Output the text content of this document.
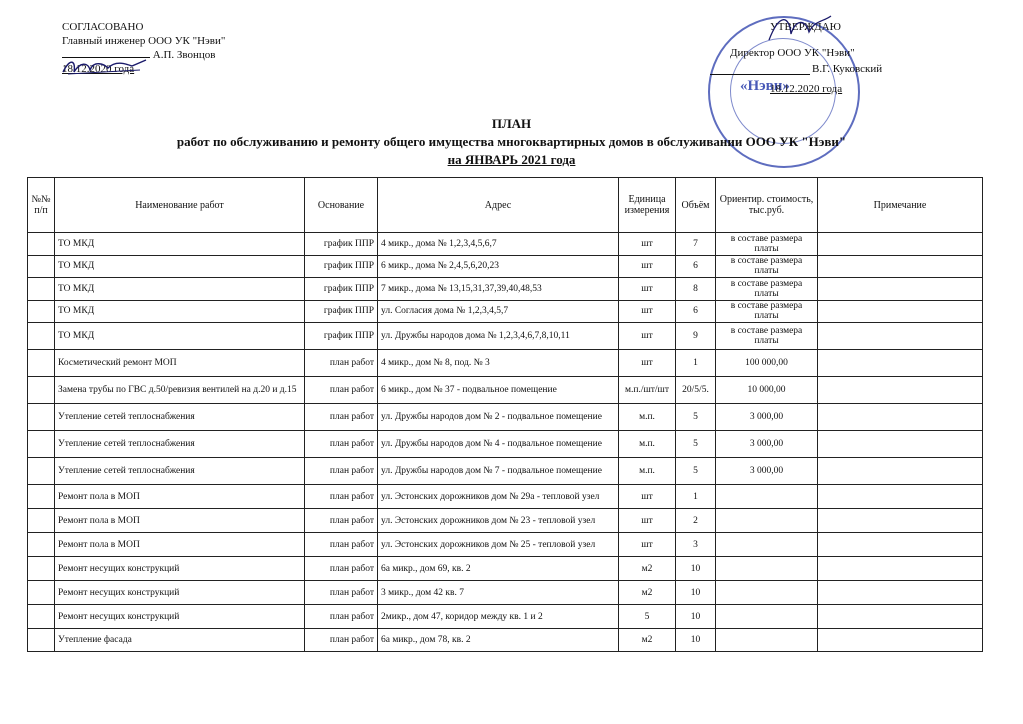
СОГЛАСОВАНО
Главный инженер ООО УК "Нэви"
А.П. Звонцов
18.12.2020 года
«Нэви»
УТВЕРЖДАЮ
Директор ООО УК "Нэви"
В.Г. Куковский
18.12.2020 года
ПЛАН
работ по обслуживанию и ремонту общего имущества многоквартирных домов в обслуживании ООО УК "Нэви"
на ЯНВАРЬ 2021 года
№№ п/п	Наименование работ	Основание	Адрес	Единица измерения	Объём	Ориентир. стоимость, тыс.руб.	Примечание
	ТО МКД	график ППР	4 микр., дома № 1,2,3,4,5,6,7	шт	7	в составе размера платы	
	ТО МКД	график ППР	6 микр., дома № 2,4,5,6,20,23	шт	6	в составе размера платы	
	ТО МКД	график ППР	7 микр., дома № 13,15,31,37,39,40,48,53	шт	8	в составе размера платы	
	ТО МКД	график ППР	ул. Согласия дома № 1,2,3,4,5,7	шт	6	в составе размера платы	
	ТО МКД	график ППР	ул. Дружбы народов дома № 1,2,3,4,6,7,8,10,11	шт	9	в составе размера платы	
	Косметический ремонт МОП	план работ	4 микр., дом № 8, под. № 3	шт	1	100 000,00	
	Замена трубы по ГВС д.50/ревизия вентилей на д.20 и д.15	план работ	6 микр., дом № 37 - подвальное помещение	м.п./шт/шт	20/5/5.	10 000,00	
	Утепление сетей теплоснабжения	план работ	ул. Дружбы народов дом № 2 - подвальное помещение	м.п.	5	3 000,00	
	Утепление сетей теплоснабжения	план работ	ул. Дружбы народов дом № 4 - подвальное помещение	м.п.	5	3 000,00	
	Утепление сетей теплоснабжения	план работ	ул. Дружбы народов дом № 7 - подвальное помещение	м.п.	5	3 000,00	
	Ремонт пола в МОП	план работ	ул. Эстонских дорожников дом № 29а - тепловой узел	шт	1		
	Ремонт пола в МОП	план работ	ул. Эстонских дорожников дом № 23 - тепловой узел	шт	2		
	Ремонт пола в МОП	план работ	ул. Эстонских дорожников дом № 25 - тепловой узел	шт	3		
	Ремонт несущих конструкций	план работ	6а микр., дом 69, кв. 2	м2	10		
	Ремонт несущих конструкций	план работ	3 микр., дом 42 кв. 7	м2	10		
	Ремонт несущих конструкций	план работ	2микр., дом 47, коридор между кв. 1 и 2	5	10		
	Утепление фасада	план работ	6а микр., дом 78, кв. 2	м2	10		
